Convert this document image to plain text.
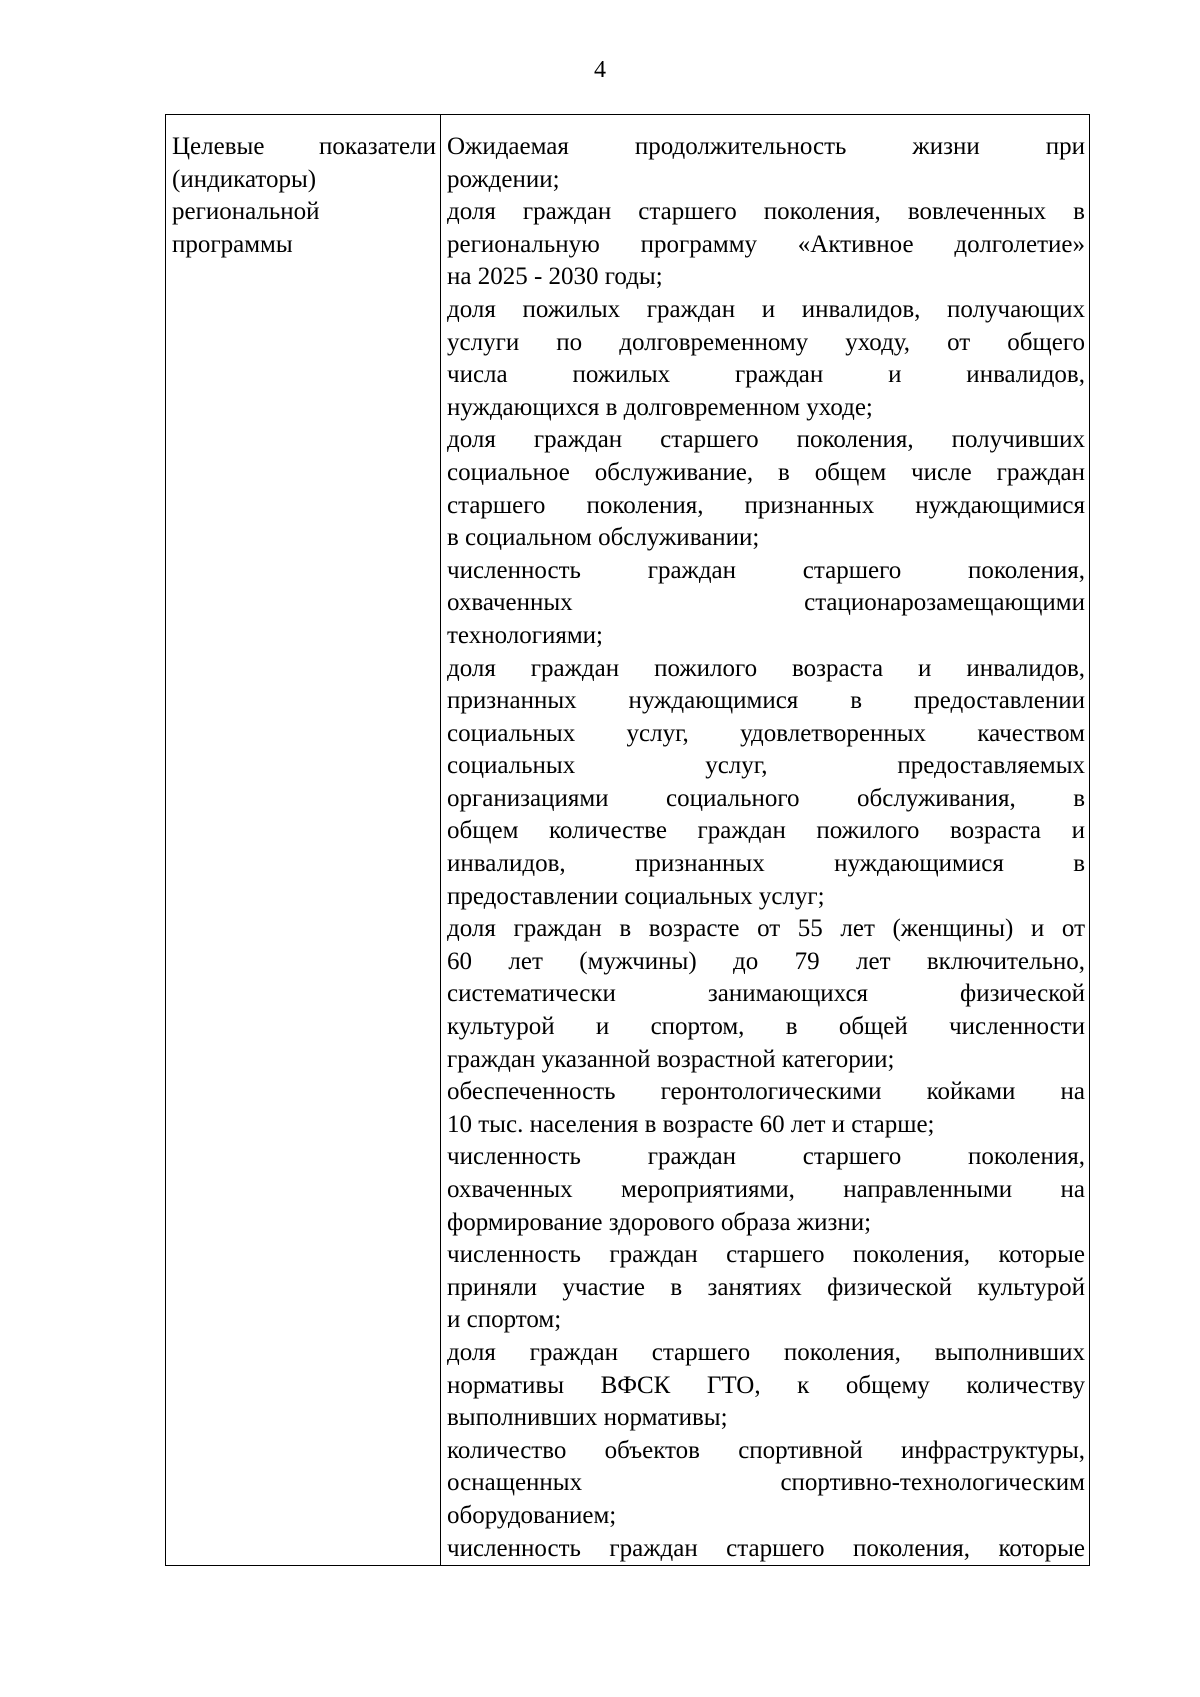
4
Целевые показатели
(индикаторы)
региональной
программы

Ожидаемая продолжительность жизни при
рождении;
доля граждан старшего поколения, вовлеченных в
региональную программу «Активное долголетие»
на 2025 - 2030 годы;
доля пожилых граждан и инвалидов, получающих
услуги по долговременному уходу, от общего
числа пожилых граждан и инвалидов,
нуждающихся в долговременном уходе;
доля граждан старшего поколения, получивших
социальное обслуживание, в общем числе граждан
старшего поколения, признанных нуждающимися
в социальном обслуживании;
численность граждан старшего поколения,
охваченных стационарозамещающими
технологиями;
доля граждан пожилого возраста и инвалидов,
признанных нуждающимися в предоставлении
социальных услуг, удовлетворенных качеством
социальных услуг, предоставляемых
организациями социального обслуживания, в
общем количестве граждан пожилого возраста и
инвалидов, признанных нуждающимися в
предоставлении социальных услуг;
доля граждан в возрасте от 55 лет (женщины) и от
60 лет (мужчины) до 79 лет включительно,
систематически занимающихся физической
культурой и спортом, в общей численности
граждан указанной возрастной категории;
обеспеченность геронтологическими койками на
10 тыс. населения в возрасте 60 лет и старше;
численность граждан старшего поколения,
охваченных мероприятиями, направленными на
формирование здорового образа жизни;
численность граждан старшего поколения, которые
приняли участие в занятиях физической культурой
и спортом;
доля граждан старшего поколения, выполнивших
нормативы ВФСК ГТО, к общему количеству
выполнивших нормативы;
количество объектов спортивной инфраструктуры,
оснащенных спортивно-технологическим
оборудованием;
численность граждан старшего поколения, которые
